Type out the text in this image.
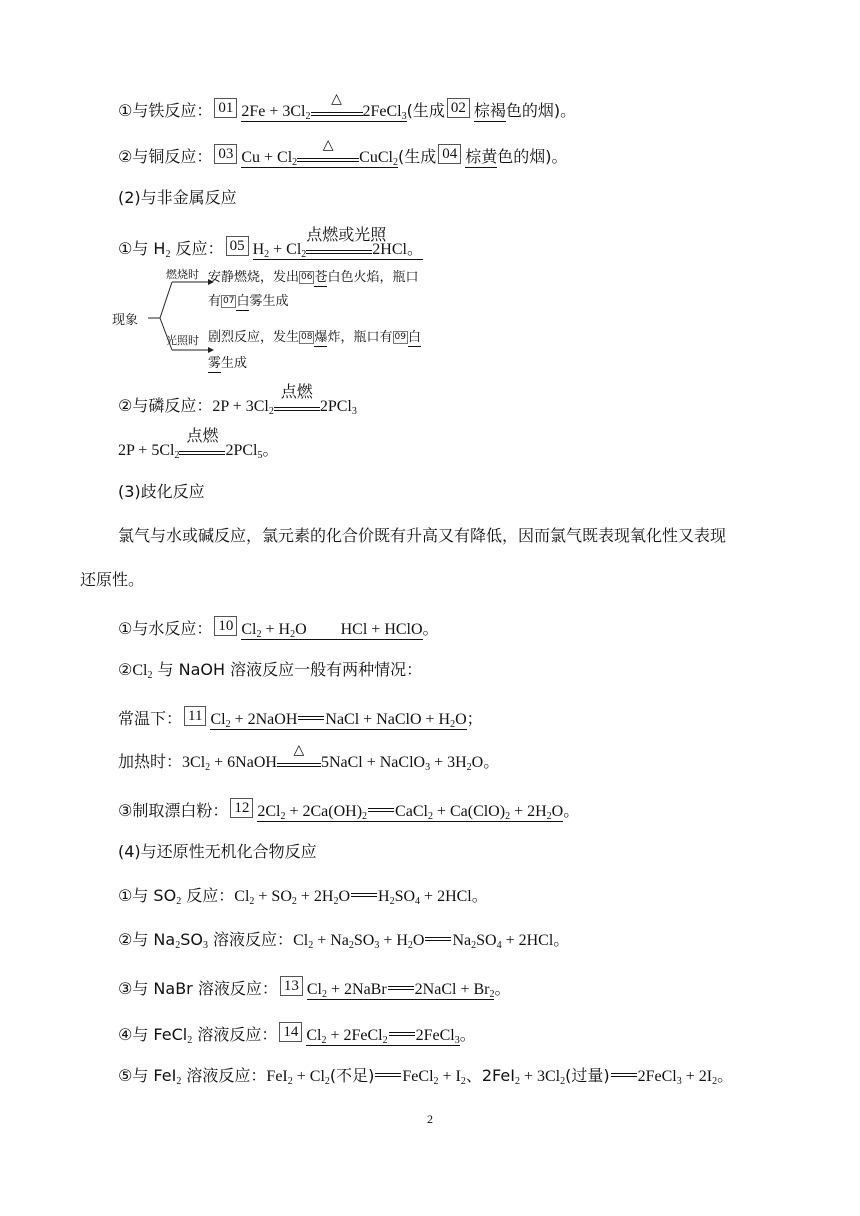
①与铁反应： 01 $2Fe + 3Cl_2$
△
2FeCl$_3$(生成 02 棕褐色的烟)。
②与铜反应： 03 $Cu + Cl_2$
△
CuCl$_2$(生成 04 棕黄色的烟)。
(2)与非金属反应
①与 $H_2$ 反应： 05 $H_2 + Cl_2$
点燃或光照
2HCl。
现象
燃烧时
光照时
安静燃烧，发出 06 苍白色火焰，瓶口
有 07 白雾生成
剧烈反应，发生 08 爆炸，瓶口有 09 白
雾生成
②与磷反应：$2P + 3Cl_2$
点燃
2PCl$_3$
$2P + 5Cl_2$
点燃
2PCl$_5$。
(3)歧化反应
氯气与水或碱反应，氯元素的化合价既有升高又有降低，因而氯气既表现氧化性又表现
还原性。
①与水反应： 10 $Cl_2 + H_2O$ HCl + HClO。
$②Cl_2$ 与 NaOH 溶液反应一般有两种情况：
常温下： 11 $Cl_2$ + 2NaOH NaCl + NaClO + $H_2O$；
加热时：$3Cl_2$ + 6NaOH
△
5NaCl + NaClO$_3$ + $3H_2O$。
③制取漂白粉： 12 $2Cl_2 + 2Ca(OH)_2$ CaCl$_2$ + $Ca(ClO)_2 + 2H_2O$。
(4)与还原性无机化合物反应
①与 $SO_2$ 反应：$Cl_2 + SO_2 + 2H_2O$ $H_2SO_4 + 2HCl$。
②与 $Na_2SO_3$ 溶液反应：$Cl_2 + Na_2SO_3 + H_2O$ $Na_2SO_4 + 2HCl$。
③与 NaBr 溶液反应： 13 $Cl_2$ + 2NaBr 2NaCl + $Br_2$。
④与 FeCl$_2$ 溶液反应： 14 $Cl_2$ + 2FeCl$_2$ 2FeCl$_3$。
⑤与 FeI$_2$ 溶液反应：$FeI_2 + Cl_2$(不足) FeCl$_2$ + $I_2$、$2FeI_2 + 3Cl_2$(过量) 2FeCl$_3$ + $2I_2$。
2
